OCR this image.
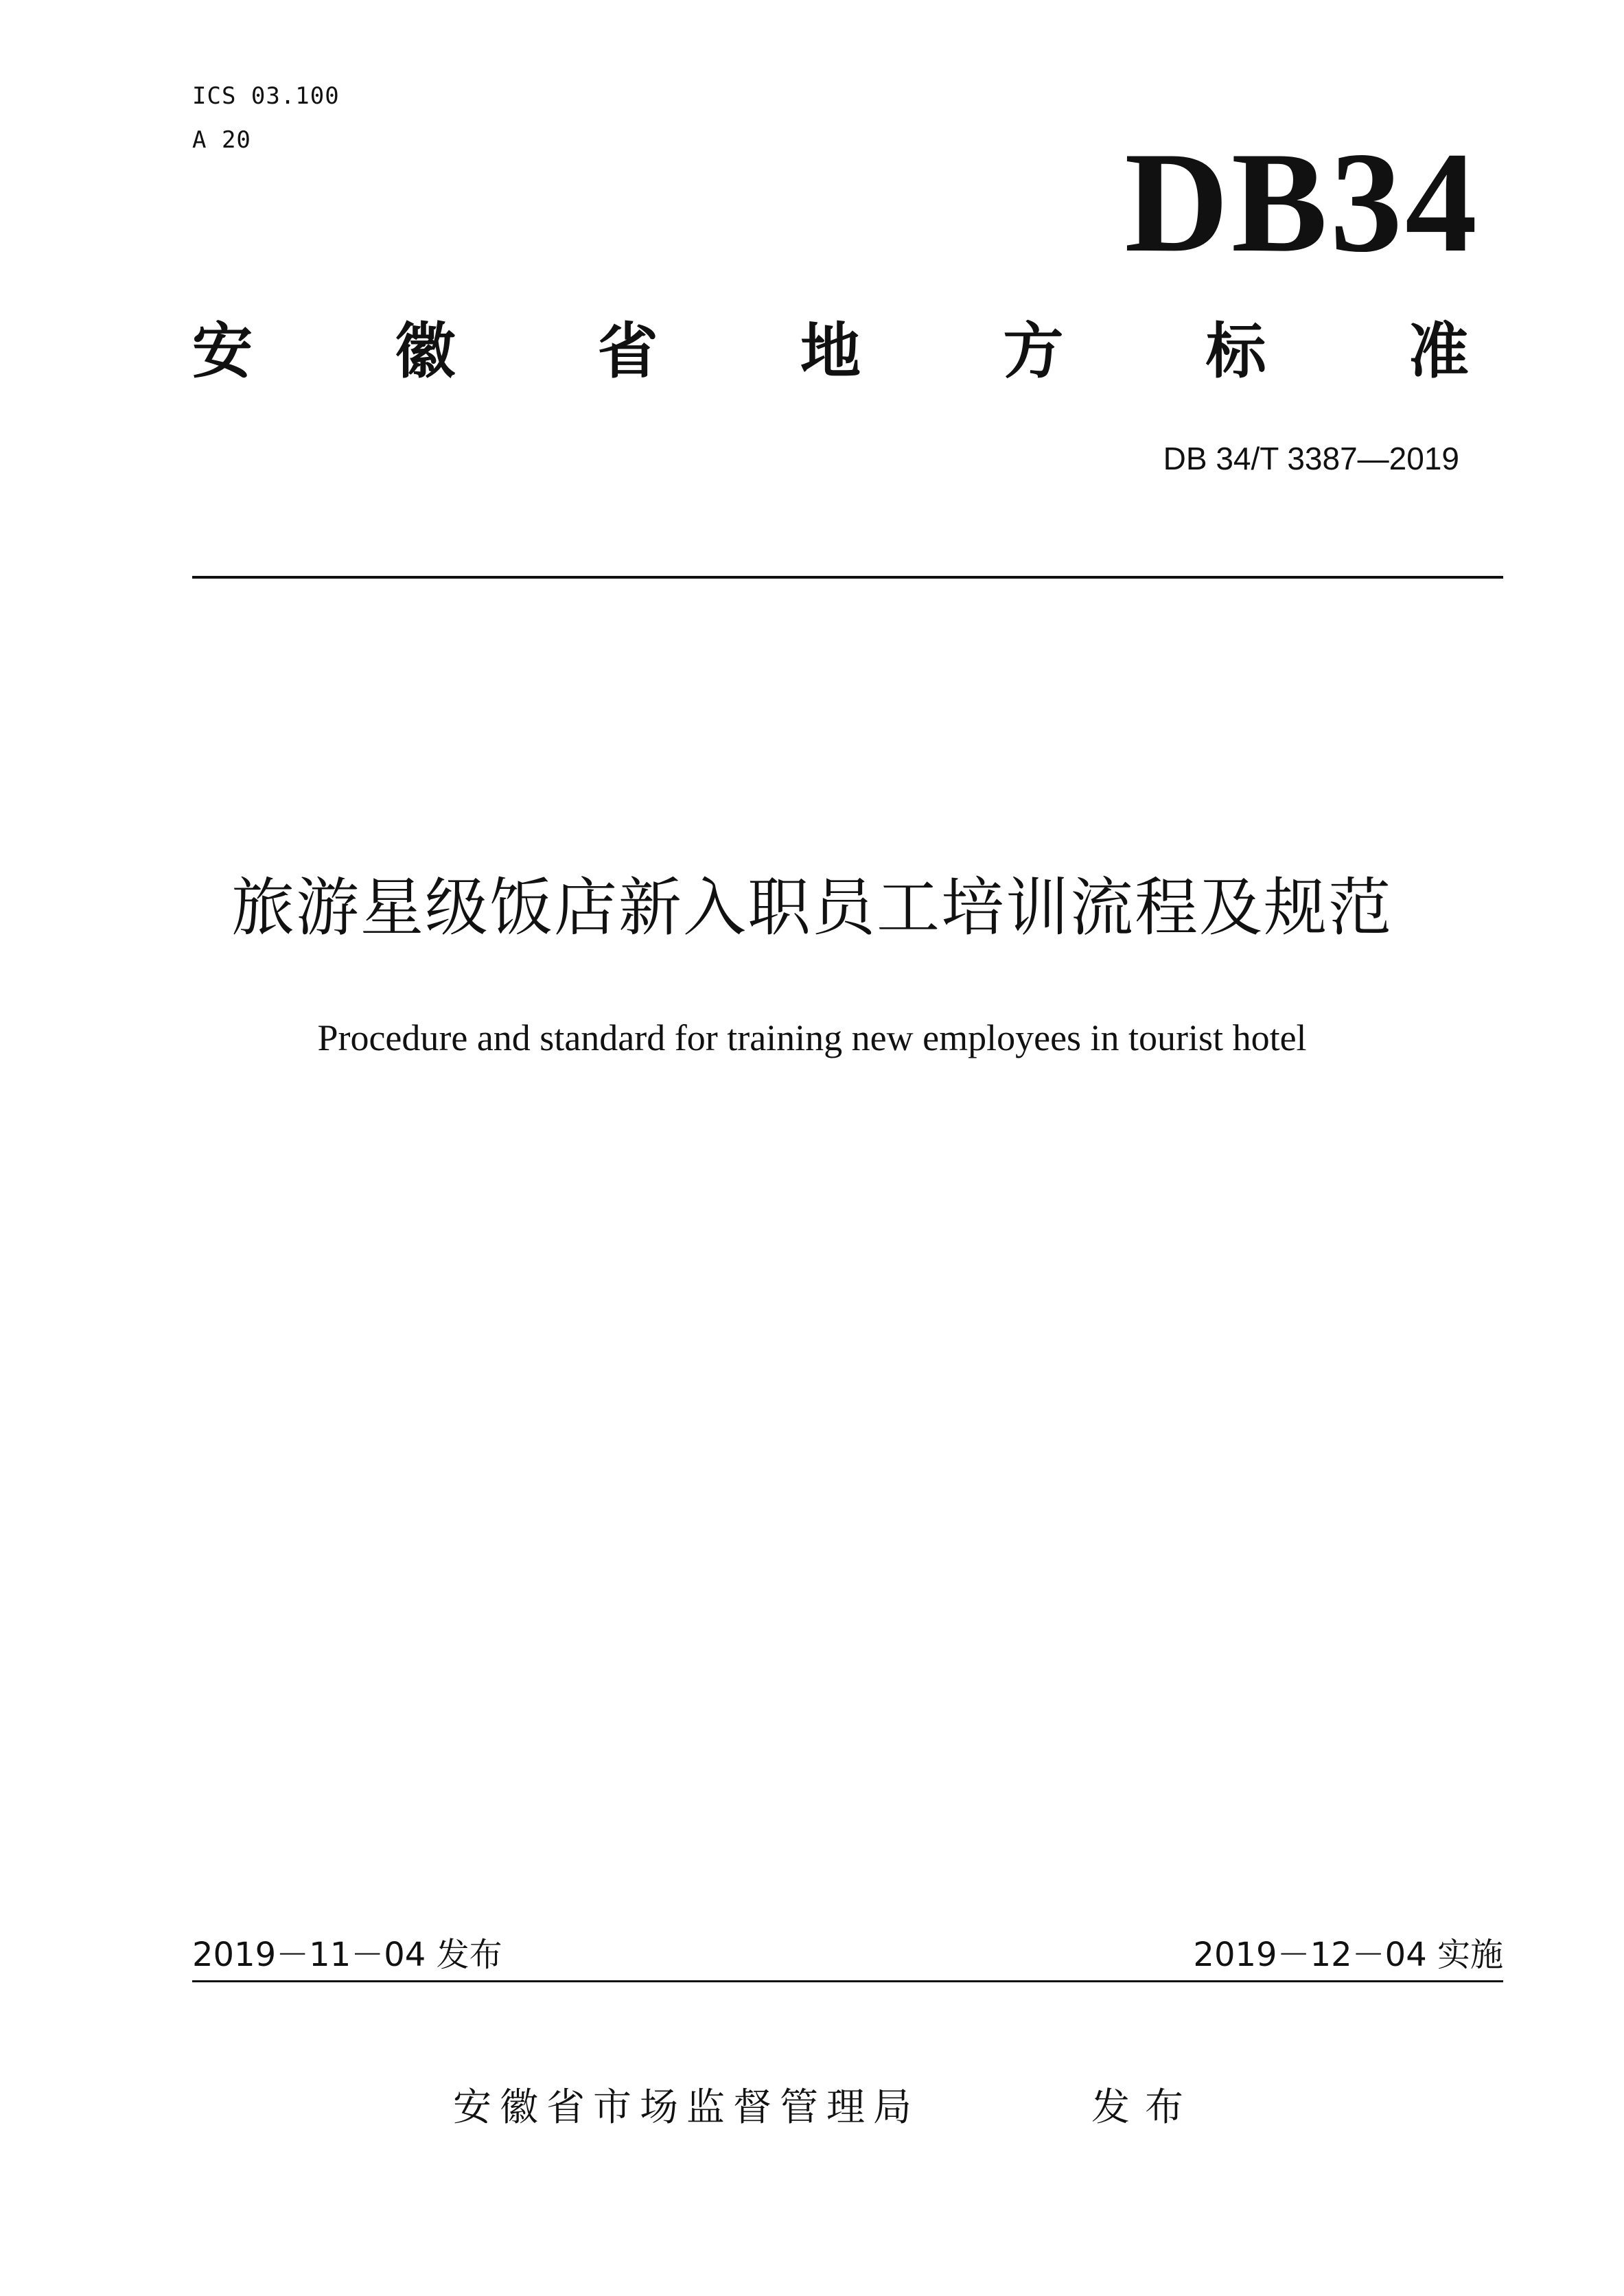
ICS 03.100
A 20	DB34
安 徽 省 地 方 标 准
DB 34/T 3387—2019
旅游星级饭店新入职员工培训流程及规范
Procedure and standard for training new employees in tourist hotel
2019－11－04 发布	2019－12－04 实施
安徽省市场监督管理局	发布
